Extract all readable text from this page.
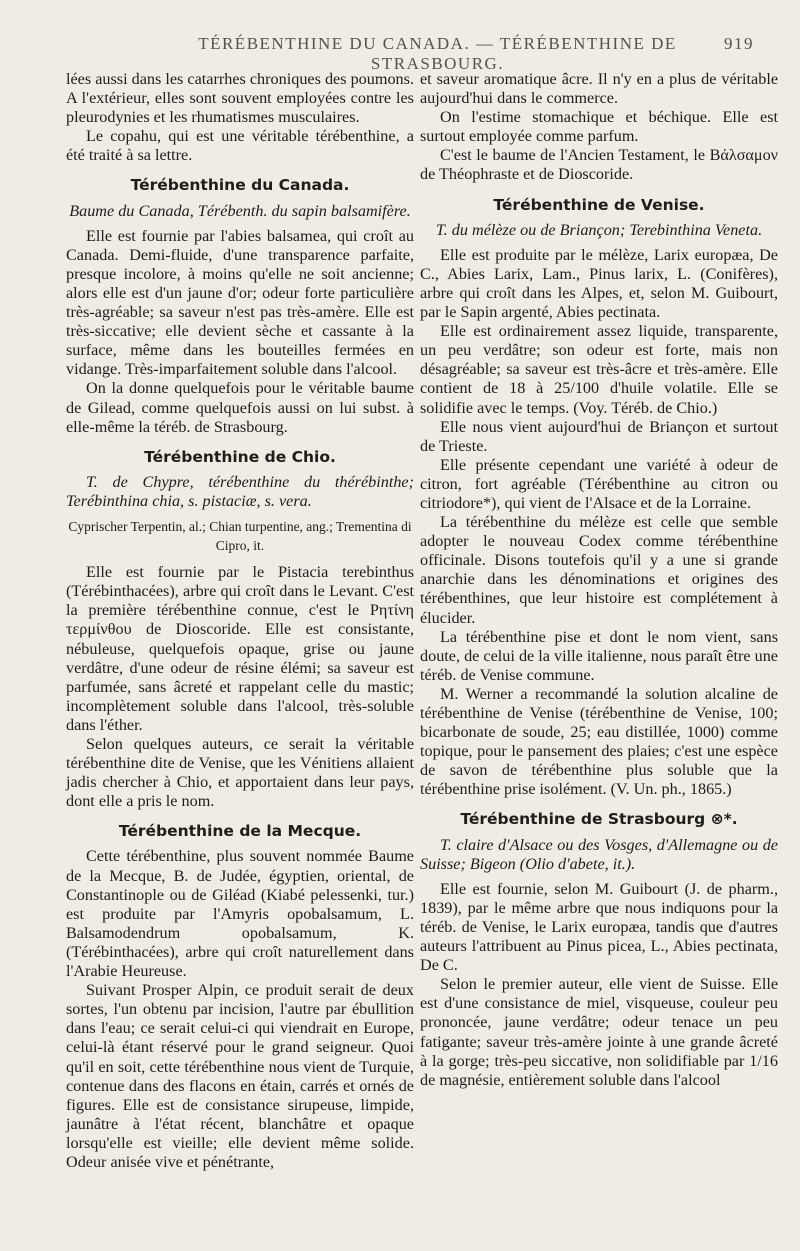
TÉRÉBENTHINE DU CANADA. — TÉRÉBENTHINE DE STRASBOURG.
919

lées aussi dans les catarrhes chroniques des poumons. A l'extérieur, elles sont souvent employées contre les pleurodynies et les rhumatismes musculaires.

Le copahu, qui est une véritable térébenthine, a été traité à sa lettre.

Térébenthine du Canada.

Baume du Canada, Térébenth. du sapin balsamifère.

Elle est fournie par l'abies balsamea, qui croît au Canada. Demi-fluide, d'une transparence parfaite, presque incolore, à moins qu'elle ne soit ancienne; alors elle est d'un jaune d'or; odeur forte particulière très-agréable; sa saveur n'est pas très-amère. Elle est très-siccative; elle devient sèche et cassante à la surface, même dans les bouteilles fermées en vidange. Très-imparfaitement soluble dans l'alcool.

On la donne quelquefois pour le véritable baume de Gilead, comme quelquefois aussi on lui subst. à elle-même la téréb. de Strasbourg.

Térébenthine de Chio.

T. de Chypre, térébenthine du thérébinthe; Terébinthina chia, s. pistaciæ, s. vera.

Cyprischer Terpentin, al.; Chian turpentine, ang.; Trementina di Cipro, it.

Elle est fournie par le Pistacia terebinthus (Térébinthacées), arbre qui croît dans le Levant. C'est la première térébenthine connue, c'est le Ρητίνη τερμίνθου de Dioscoride. Elle est consistante, nébuleuse, quelquefois opaque, grise ou jaune verdâtre, d'une odeur de résine élémi; sa saveur est parfumée, sans âcreté et rappelant celle du mastic; incomplètement soluble dans l'alcool, très-soluble dans l'éther.

Selon quelques auteurs, ce serait la véritable térébenthine dite de Venise, que les Vénitiens allaient jadis chercher à Chio, et apportaient dans leur pays, dont elle a pris le nom.

Térébenthine de la Mecque.

Cette térébenthine, plus souvent nommée Baume de la Mecque, B. de Judée, égyptien, oriental, de Constantinople ou de Giléad (Kiabé pelessenki, tur.) est produite par l'Amyris opobalsamum, L. Balsamodendrum opobalsamum, K. (Térébinthacées), arbre qui croît naturellement dans l'Arabie Heureuse.

Suivant Prosper Alpin, ce produit serait de deux sortes, l'un obtenu par incision, l'autre par ébullition dans l'eau; ce serait celui-ci qui viendrait en Europe, celui-là étant réservé pour le grand seigneur. Quoi qu'il en soit, cette térébenthine nous vient de Turquie, contenue dans des flacons en étain, carrés et ornés de figures. Elle est de consistance sirupeuse, limpide, jaunâtre à l'état récent, blanchâtre et opaque lorsqu'elle est vieille; elle devient même solide. Odeur anisée vive et pénétrante,

et saveur aromatique âcre. Il n'y en a plus de véritable aujourd'hui dans le commerce.

On l'estime stomachique et béchique. Elle est surtout employée comme parfum.

C'est le baume de l'Ancien Testament, le Βάλσαμον de Théophraste et de Dioscoride.

Térébenthine de Venise.

T. du mélèze ou de Briançon; Terebinthina Veneta.

Elle est produite par le mélèze, Larix europæa, De C., Abies Larix, Lam., Pinus larix, L. (Conifères), arbre qui croît dans les Alpes, et, selon M. Guibourt, par le Sapin argenté, Abies pectinata.

Elle est ordinairement assez liquide, transparente, un peu verdâtre; son odeur est forte, mais non désagréable; sa saveur est très-âcre et très-amère. Elle contient de 18 à 25/100 d'huile volatile. Elle se solidifie avec le temps. (Voy. Téréb. de Chio.)

Elle nous vient aujourd'hui de Briançon et surtout de Trieste.

Elle présente cependant une variété à odeur de citron, fort agréable (Térébenthine au citron ou citriodore*), qui vient de l'Alsace et de la Lorraine.

La térébenthine du mélèze est celle que semble adopter le nouveau Codex comme térébenthine officinale. Disons toutefois qu'il y a une si grande anarchie dans les dénominations et origines des térébenthines, que leur histoire est complétement à élucider.

La térébenthine pise et dont le nom vient, sans doute, de celui de la ville italienne, nous paraît être une téréb. de Venise commune.

M. Werner a recommandé la solution alcaline de térébenthine de Venise (térébenthine de Venise, 100; bicarbonate de soude, 25; eau distillée, 1000) comme topique, pour le pansement des plaies; c'est une espèce de savon de térébenthine plus soluble que la térébenthine prise isolément. (V. Un. ph., 1865.)

Térébenthine de Strasbourg ⊗*.

T. claire d'Alsace ou des Vosges, d'Allemagne ou de Suisse; Bigeon (Olio d'abete, it.).

Elle est fournie, selon M. Guibourt (J. de pharm., 1839), par le même arbre que nous indiquons pour la téréb. de Venise, le Larix europæa, tandis que d'autres auteurs l'attribuent au Pinus picea, L., Abies pectinata, De C.

Selon le premier auteur, elle vient de Suisse. Elle est d'une consistance de miel, visqueuse, couleur peu prononcée, jaune verdâtre; odeur tenace un peu fatigante; saveur très-amère jointe à une grande âcreté à la gorge; très-peu siccative, non solidifiable par 1/16 de magnésie, entièrement soluble dans l'alcool
